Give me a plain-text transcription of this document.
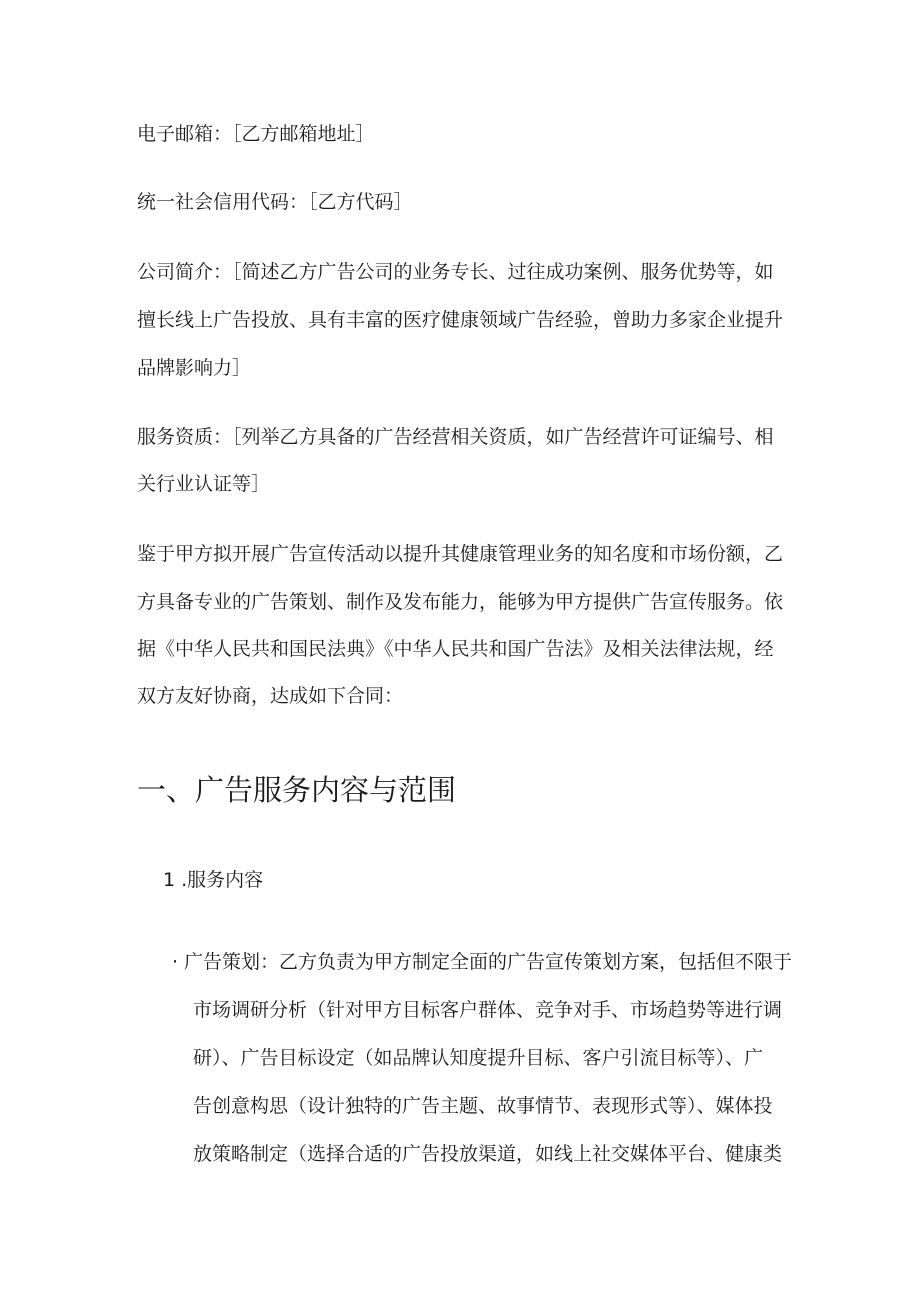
电子邮箱：［乙方邮箱地址］
统一社会信用代码：［乙方代码］
公司简介：［简述乙方广告公司的业务专长、过往成功案例、服务优势等，如
擅长线上广告投放、具有丰富的医疗健康领域广告经验，曾助力多家企业提升
品牌影响力］
服务资质：［列举乙方具备的广告经营相关资质，如广告经营许可证编号、相
关行业认证等］
鉴于甲方拟开展广告宣传活动以提升其健康管理业务的知名度和市场份额，乙
方具备专业的广告策划、制作及发布能力，能够为甲方提供广告宣传服务。依
据《中华人民共和国民法典》《中华人民共和国广告法》及相关法律法规，经
双方友好协商，达成如下合同：
一、广告服务内容与范围
1 .服务内容
· 广告策划：乙方负责为甲方制定全面的广告宣传策划方案，包括但不限于
市场调研分析（针对甲方目标客户群体、竞争对手、市场趋势等进行调
研）、广告目标设定（如品牌认知度提升目标、客户引流目标等）、广
告创意构思（设计独特的广告主题、故事情节、表现形式等）、媒体投
放策略制定（选择合适的广告投放渠道，如线上社交媒体平台、健康类
